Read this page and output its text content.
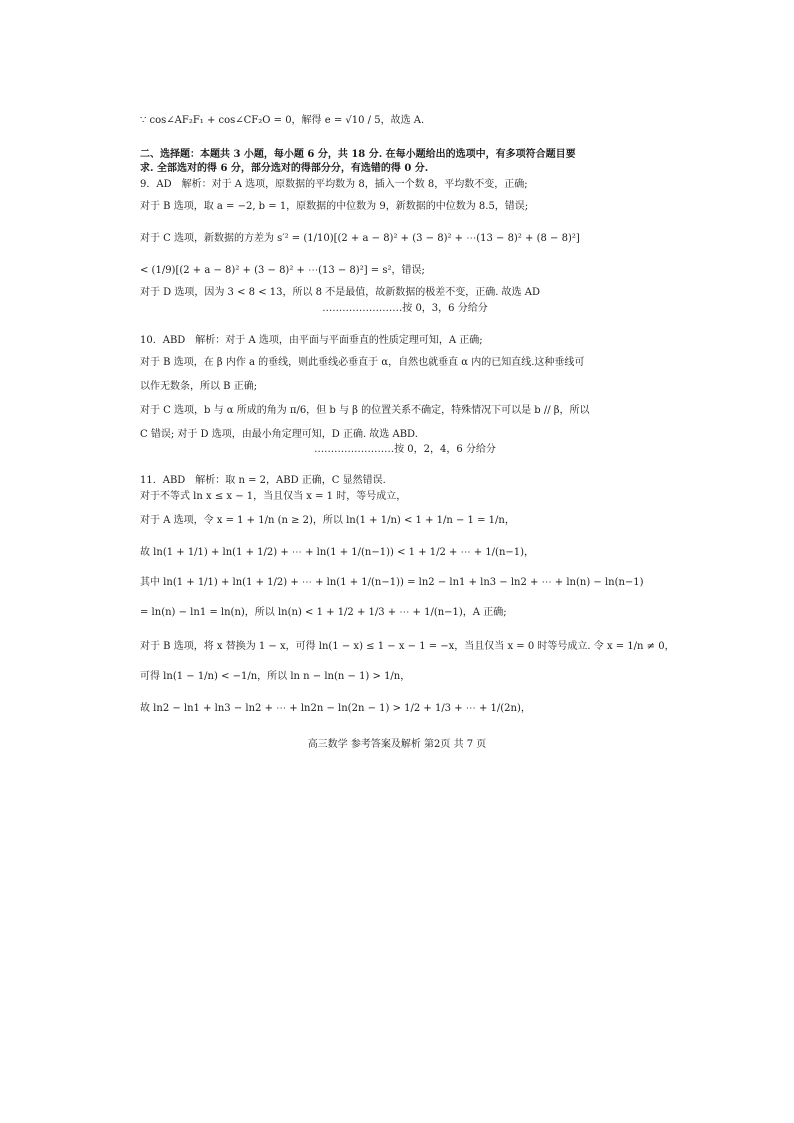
∵ cos∠AF₂F₁ + cos∠CF₂O = 0，解得 e = √10 / 5，故选 A.
二、选择题：本题共 3 小题，每小题 6 分，共 18 分. 在每小题给出的选项中，有多项符合题目要
求. 全部选对的得 6 分，部分选对的得部分分，有选错的得 0 分.
9．AD　解析：对于 A 选项，原数据的平均数为 8，插入一个数 8，平均数不变，正确;
对于 B 选项，取 a = −2, b = 1，原数据的中位数为 9，新数据的中位数为 8.5，错误;
对于 C 选项，新数据的方差为 s′² = (1/10)[(2 + a − 8)² + (3 − 8)² + ⋯(13 − 8)² + (8 − 8)²]
< (1/9)[(2 + a − 8)² + (3 − 8)² + ⋯(13 − 8)²] = s²，错误;
对于 D 选项，因为 3 < 8 < 13，所以 8 不是最值，故新数据的极差不变，正确. 故选 AD
……………………按 0，3，6 分给分
10．ABD　解析：对于 A 选项，由平面与平面垂直的性质定理可知，A 正确;
对于 B 选项，在 β 内作 a 的垂线，则此垂线必垂直于 α，自然也就垂直 α 内的已知直线.这种垂线可
以作无数条，所以 B 正确;
对于 C 选项，b 与 α 所成的角为 π/6，但 b 与 β 的位置关系不确定，特殊情况下可以是 b // β，所以
C 错误; 对于 D 选项，由最小角定理可知，D 正确. 故选 ABD.
……………………按 0，2，4，6 分给分
11．ABD　解析：取 n = 2，ABD 正确，C 显然错误.
对于不等式 ln x ≤ x − 1，当且仅当 x = 1 时，等号成立，
对于 A 选项，令 x = 1 + 1/n (n ≥ 2)，所以 ln(1 + 1/n) < 1 + 1/n − 1 = 1/n，
故 ln(1 + 1/1) + ln(1 + 1/2) + ⋯ + ln(1 + 1/(n−1)) < 1 + 1/2 + ⋯ + 1/(n−1)，
其中 ln(1 + 1/1) + ln(1 + 1/2) + ⋯ + ln(1 + 1/(n−1)) = ln2 − ln1 + ln3 − ln2 + ⋯ + ln(n) − ln(n−1)
= ln(n) − ln1 = ln(n)，所以 ln(n) < 1 + 1/2 + 1/3 + ⋯ + 1/(n−1)，A 正确;
对于 B 选项，将 x 替换为 1 − x，可得 ln(1 − x) ≤ 1 − x − 1 = −x，当且仅当 x = 0 时等号成立. 令 x = 1/n ≠ 0，
可得 ln(1 − 1/n) < −1/n，所以 ln n − ln(n − 1) > 1/n，
故 ln2 − ln1 + ln3 − ln2 + ⋯ + ln2n − ln(2n − 1) > 1/2 + 1/3 + ⋯ + 1/(2n)，
高三数学 参考答案及解析 第2页 共 7 页
